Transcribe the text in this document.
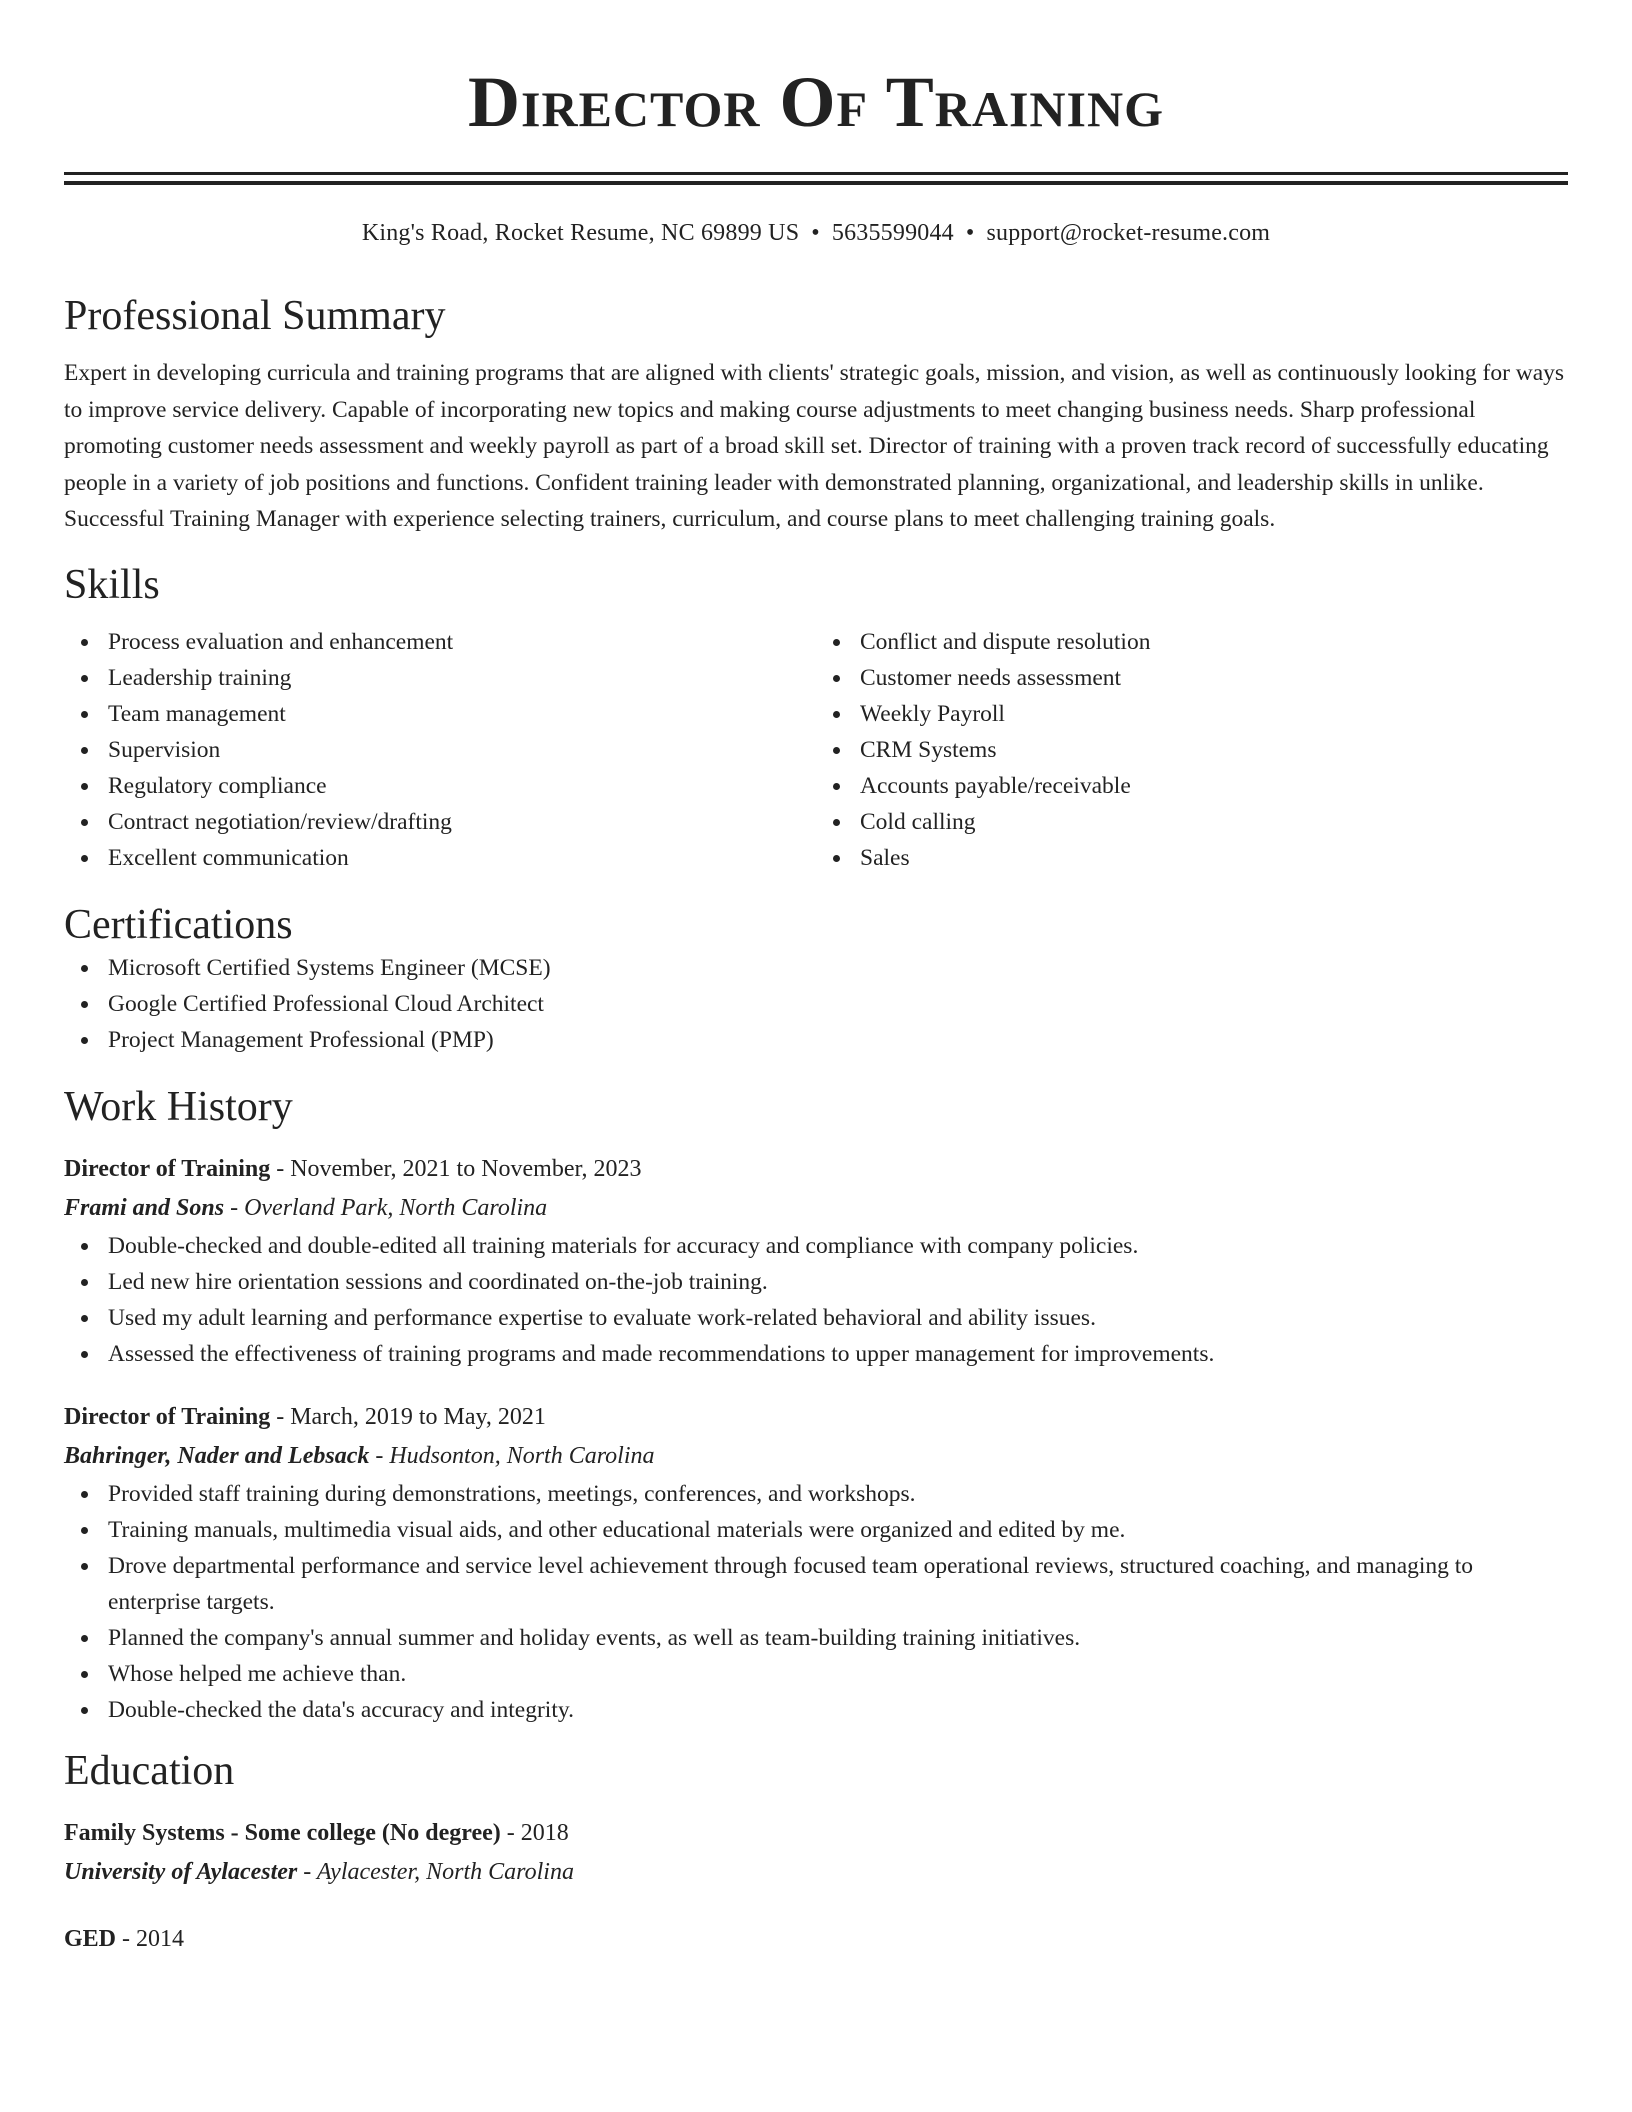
Director Of Training
King's Road, Rocket Resume, NC 69899 US • 5635599044 • support@rocket-resume.com
Professional Summary
Expert in developing curricula and training programs that are aligned with clients' strategic goals, mission, and vision, as well as continuously looking for ways to improve service delivery. Capable of incorporating new topics and making course adjustments to meet changing business needs. Sharp professional promoting customer needs assessment and weekly payroll as part of a broad skill set. Director of training with a proven track record of successfully educating people in a variety of job positions and functions. Confident training leader with demonstrated planning, organizational, and leadership skills in unlike. Successful Training Manager with experience selecting trainers, curriculum, and course plans to meet challenging training goals.
Skills
Process evaluation and enhancement
Leadership training
Team management
Supervision
Regulatory compliance
Contract negotiation/review/drafting
Excellent communication
Conflict and dispute resolution
Customer needs assessment
Weekly Payroll
CRM Systems
Accounts payable/receivable
Cold calling
Sales
Certifications
Microsoft Certified Systems Engineer (MCSE)
Google Certified Professional Cloud Architect
Project Management Professional (PMP)
Work History
Director of Training - November, 2021 to November, 2023
Frami and Sons - Overland Park, North Carolina
Double-checked and double-edited all training materials for accuracy and compliance with company policies.
Led new hire orientation sessions and coordinated on-the-job training.
Used my adult learning and performance expertise to evaluate work-related behavioral and ability issues.
Assessed the effectiveness of training programs and made recommendations to upper management for improvements.
Director of Training - March, 2019 to May, 2021
Bahringer, Nader and Lebsack - Hudsonton, North Carolina
Provided staff training during demonstrations, meetings, conferences, and workshops.
Training manuals, multimedia visual aids, and other educational materials were organized and edited by me.
Drove departmental performance and service level achievement through focused team operational reviews, structured coaching, and managing to enterprise targets.
Planned the company's annual summer and holiday events, as well as team-building training initiatives.
Whose helped me achieve than.
Double-checked the data's accuracy and integrity.
Education
Family Systems - Some college (No degree) - 2018
University of Aylacester - Aylacester, North Carolina
GED - 2014
